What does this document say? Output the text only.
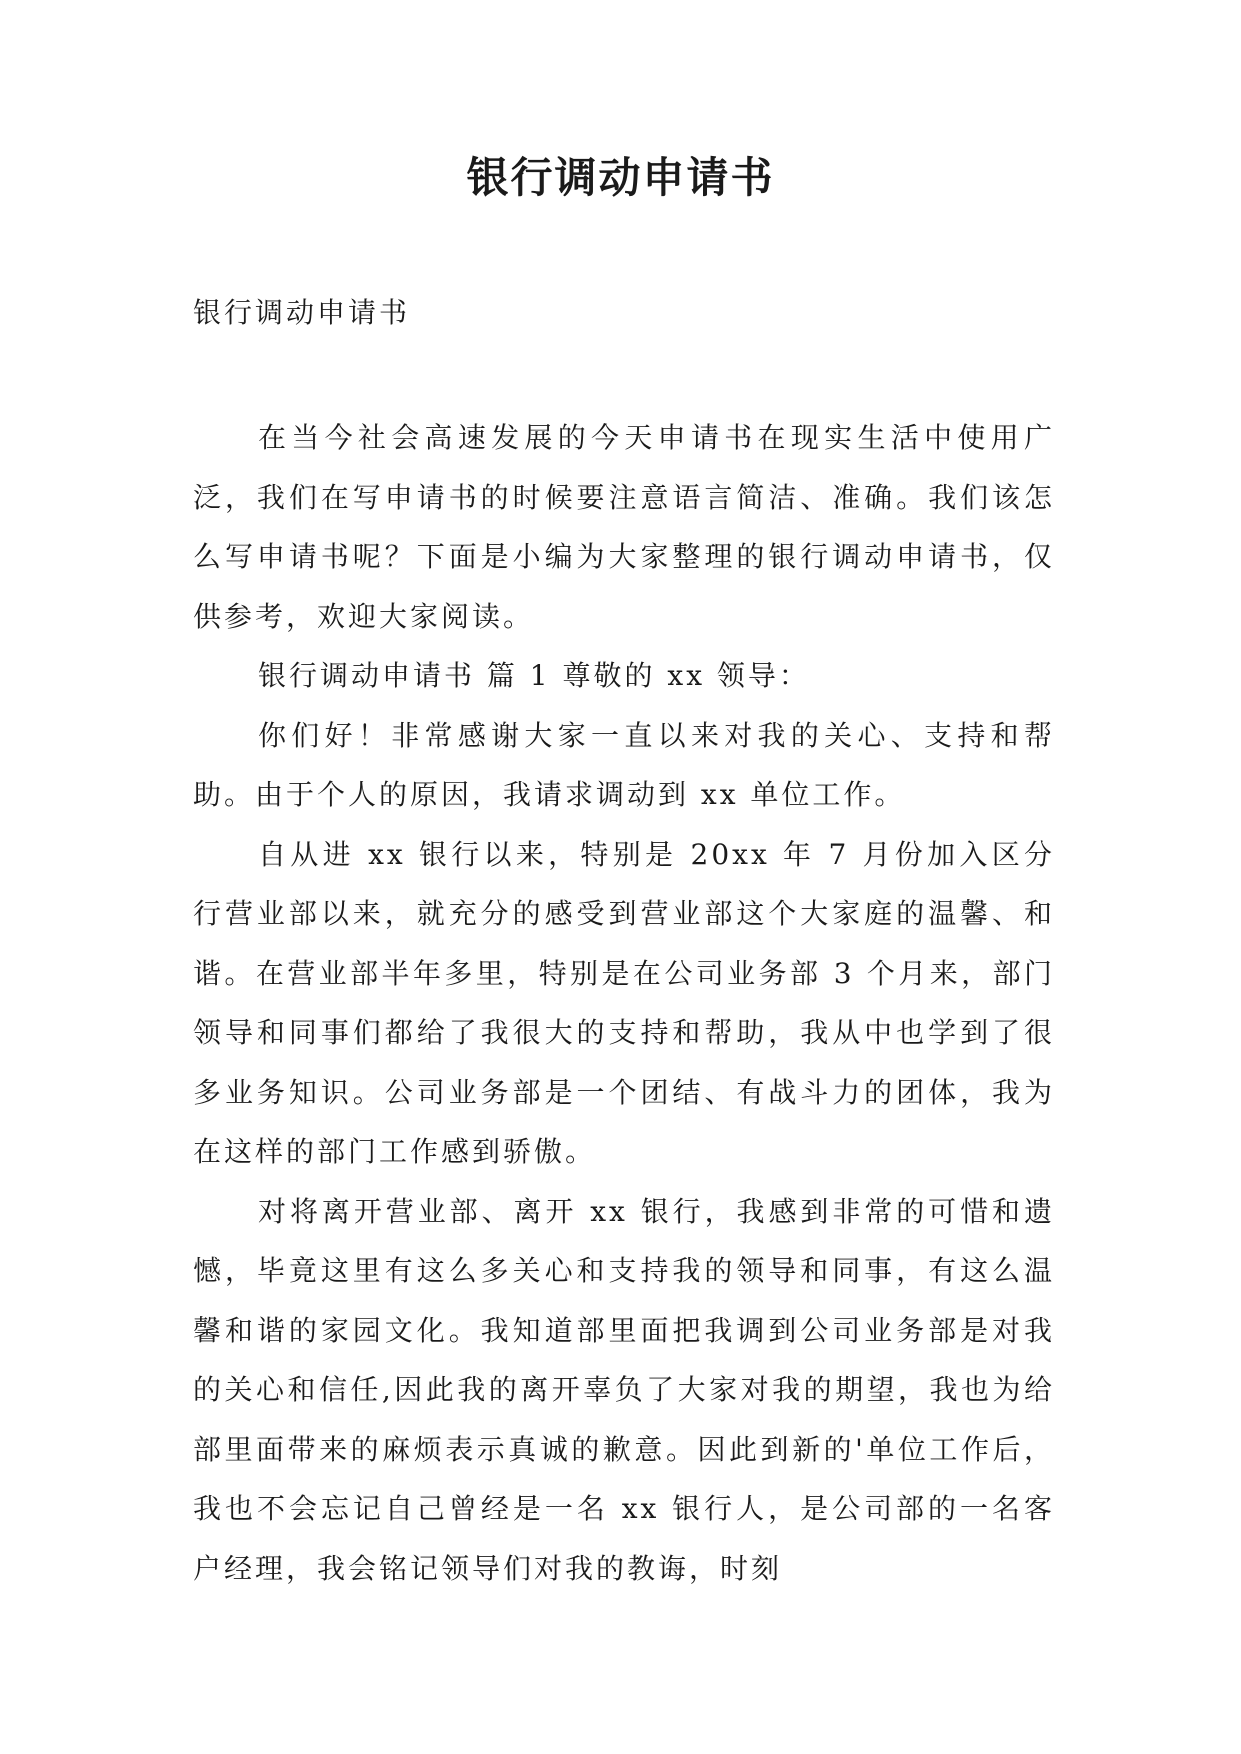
银行调动申请书

银行调动申请书

在当今社会高速发展的今天申请书在现实生活中使用广泛，我们在写申请书的时候要注意语言简洁、准确。我们该怎么写申请书呢？下面是小编为大家整理的银行调动申请书，仅供参考，欢迎大家阅读。

银行调动申请书 篇 1 尊敬的 xx 领导：

你们好！非常感谢大家一直以来对我的关心、支持和帮助。由于个人的原因，我请求调动到 xx 单位工作。

自从进 xx 银行以来，特别是 20xx 年 7 月份加入区分行营业部以来，就充分的感受到营业部这个大家庭的温馨、和谐。在营业部半年多里，特别是在公司业务部 3 个月来，部门领导和同事们都给了我很大的支持和帮助，我从中也学到了很多业务知识。公司业务部是一个团结、有战斗力的团体，我为在这样的部门工作感到骄傲。

对将离开营业部、离开 xx 银行，我感到非常的可惜和遗憾，毕竟这里有这么多关心和支持我的领导和同事，有这么温馨和谐的家园文化。我知道部里面把我调到公司业务部是对我的关心和信任,因此我的离开辜负了大家对我的期望，我也为给部里面带来的麻烦表示真诚的歉意。因此到新的'单位工作后，我也不会忘记自己曾经是一名 xx 银行人，是公司部的一名客户经理，我会铭记领导们对我的教诲，时刻
